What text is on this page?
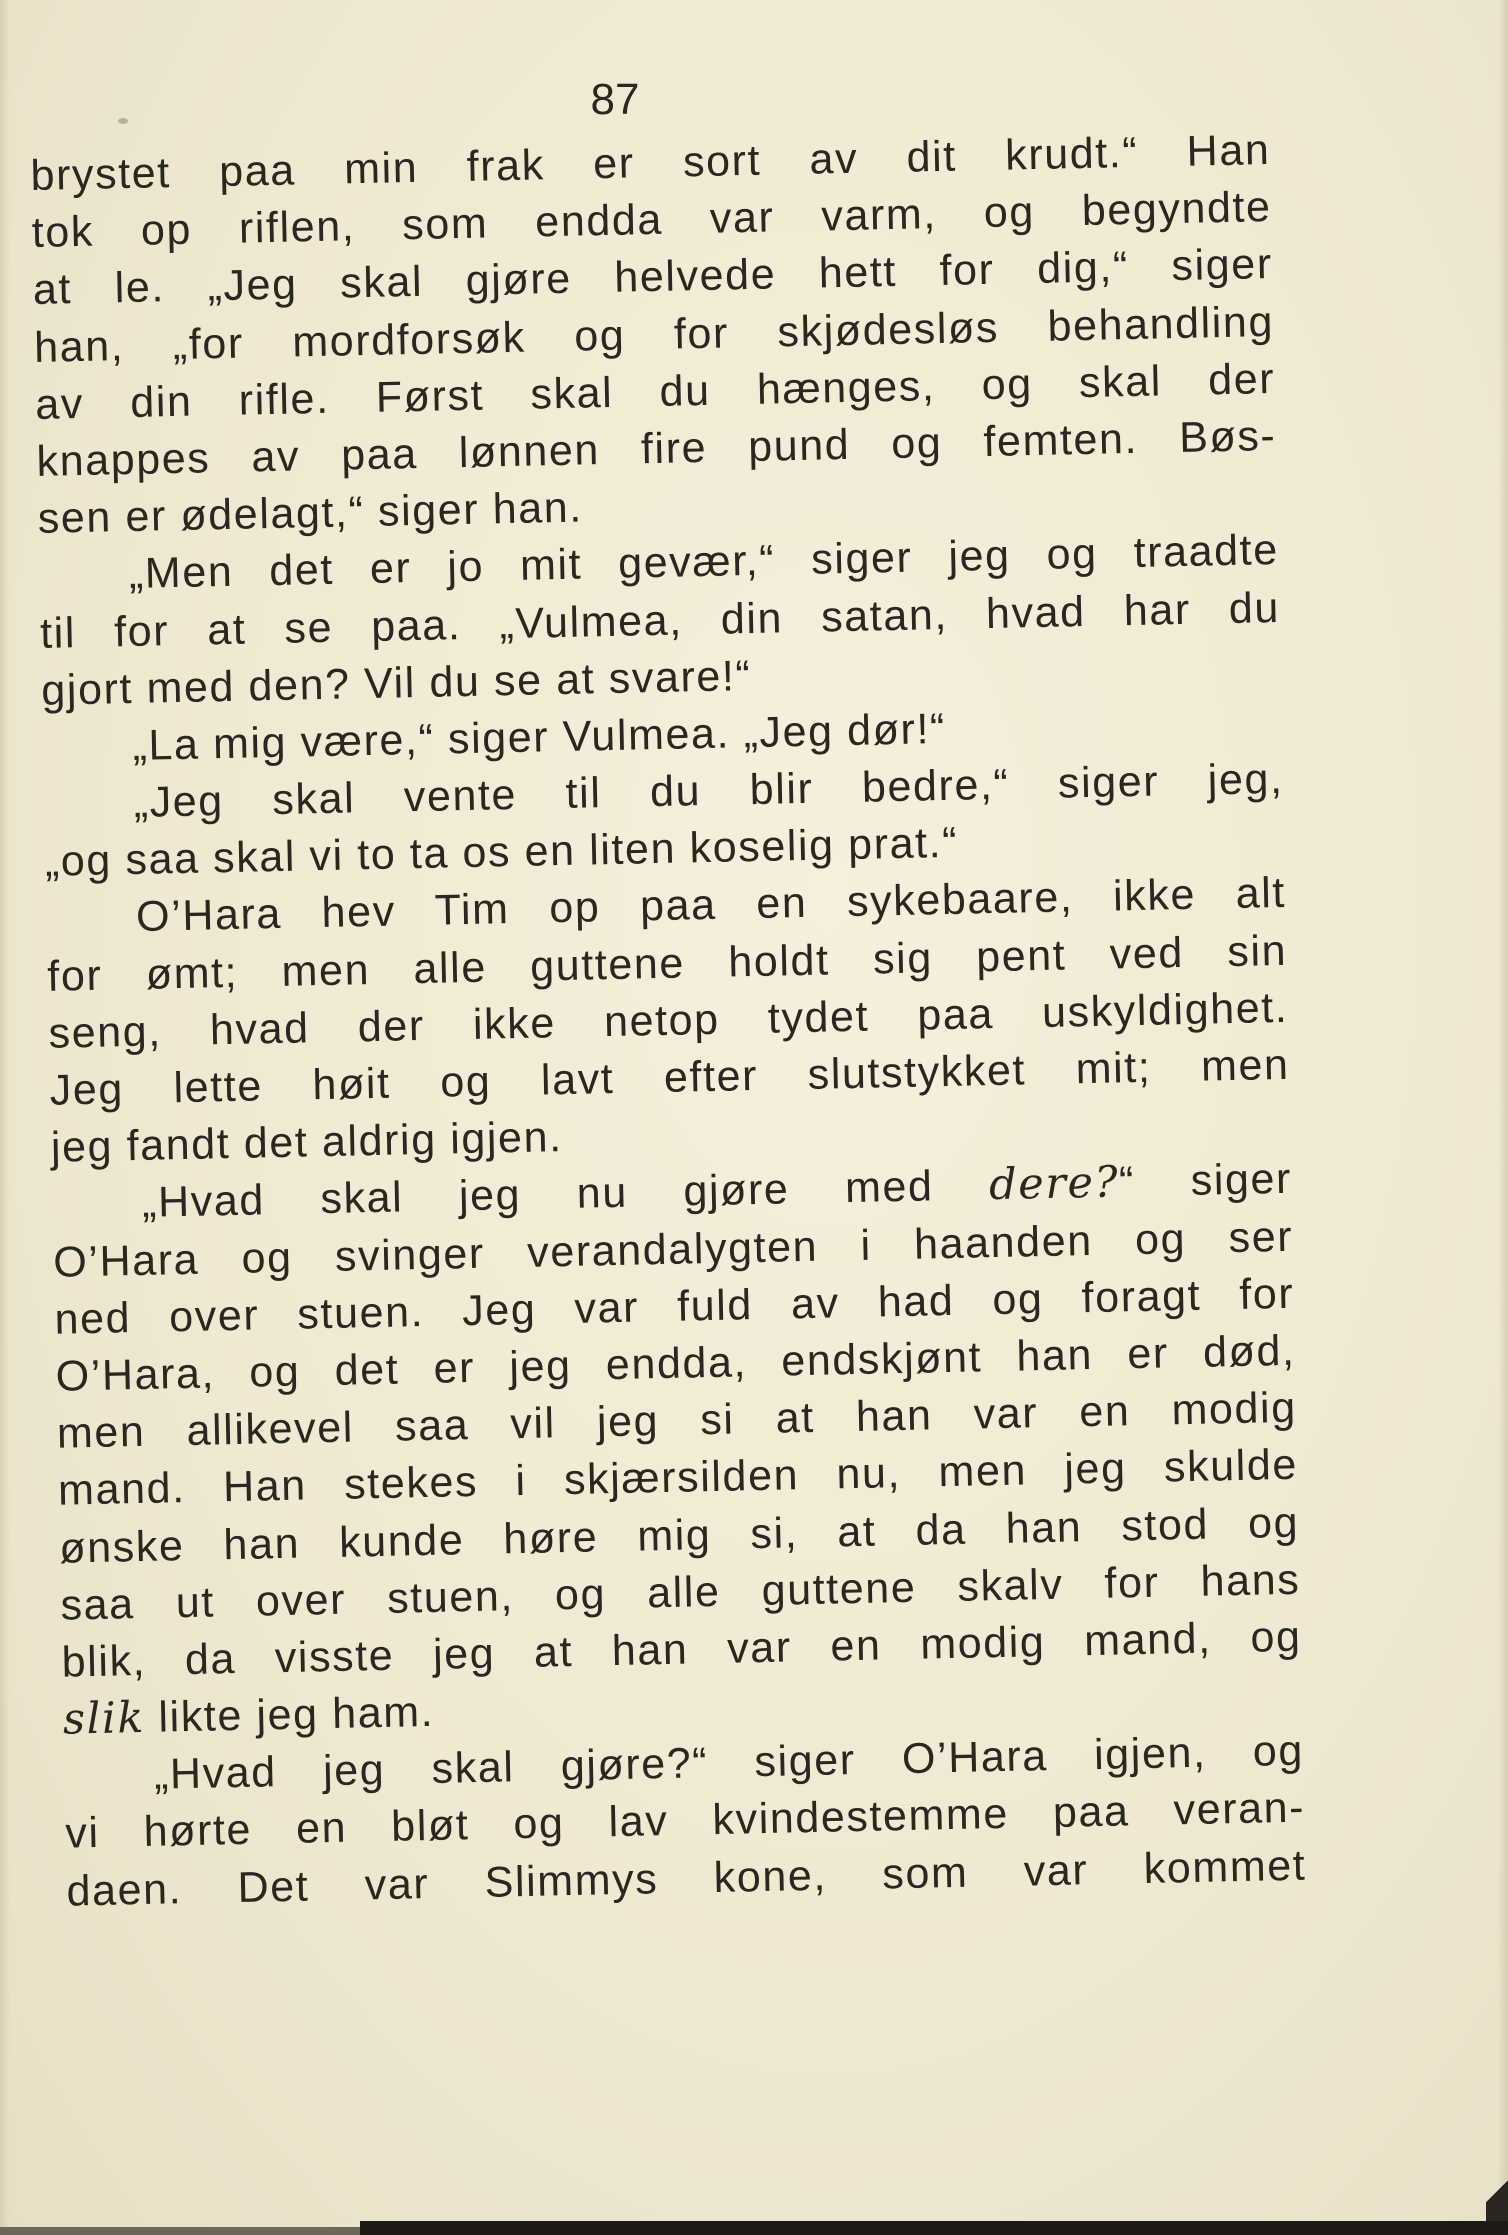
87
brystet paa min frak er sort av dit krudt.“ Han
tok op riflen, som endda var varm, og begyndte
at le. „Jeg skal gjøre helvede hett for dig,“ siger
han, „for mordforsøk og for skjødesløs behandling
av din rifle. Først skal du hænges, og skal der
knappes av paa lønnen fire pund og femten. Bøs-
sen er ødelagt,“ siger han.
„Men det er jo mit gevær,“ siger jeg og traadte
til for at se paa. „Vulmea, din satan, hvad har du
gjort med den? Vil du se at svare!“
„La mig være,“ siger Vulmea. „Jeg dør!“
„Jeg skal vente til du blir bedre,“ siger jeg,
„og saa skal vi to ta os en liten koselig prat.“
O’Hara hev Tim op paa en sykebaare, ikke alt
for ømt; men alle guttene holdt sig pent ved sin
seng, hvad der ikke netop tydet paa uskyldighet.
Jeg lette høit og lavt efter slutstykket mit; men
jeg fandt det aldrig igjen.
„Hvad skal jeg nu gjøre med dere?“ siger
O’Hara og svinger verandalygten i haanden og ser
ned over stuen. Jeg var fuld av had og foragt for
O’Hara, og det er jeg endda, endskjønt han er død,
men allikevel saa vil jeg si at han var en modig
mand. Han stekes i skjærsilden nu, men jeg skulde
ønske han kunde høre mig si, at da han stod og
saa ut over stuen, og alle guttene skalv for hans
blik, da visste jeg at han var en modig mand, og
slik likte jeg ham.
„Hvad jeg skal gjøre?“ siger O’Hara igjen, og
vi hørte en bløt og lav kvindestemme paa veran-
daen. Det var Slimmys kone, som var kommet
